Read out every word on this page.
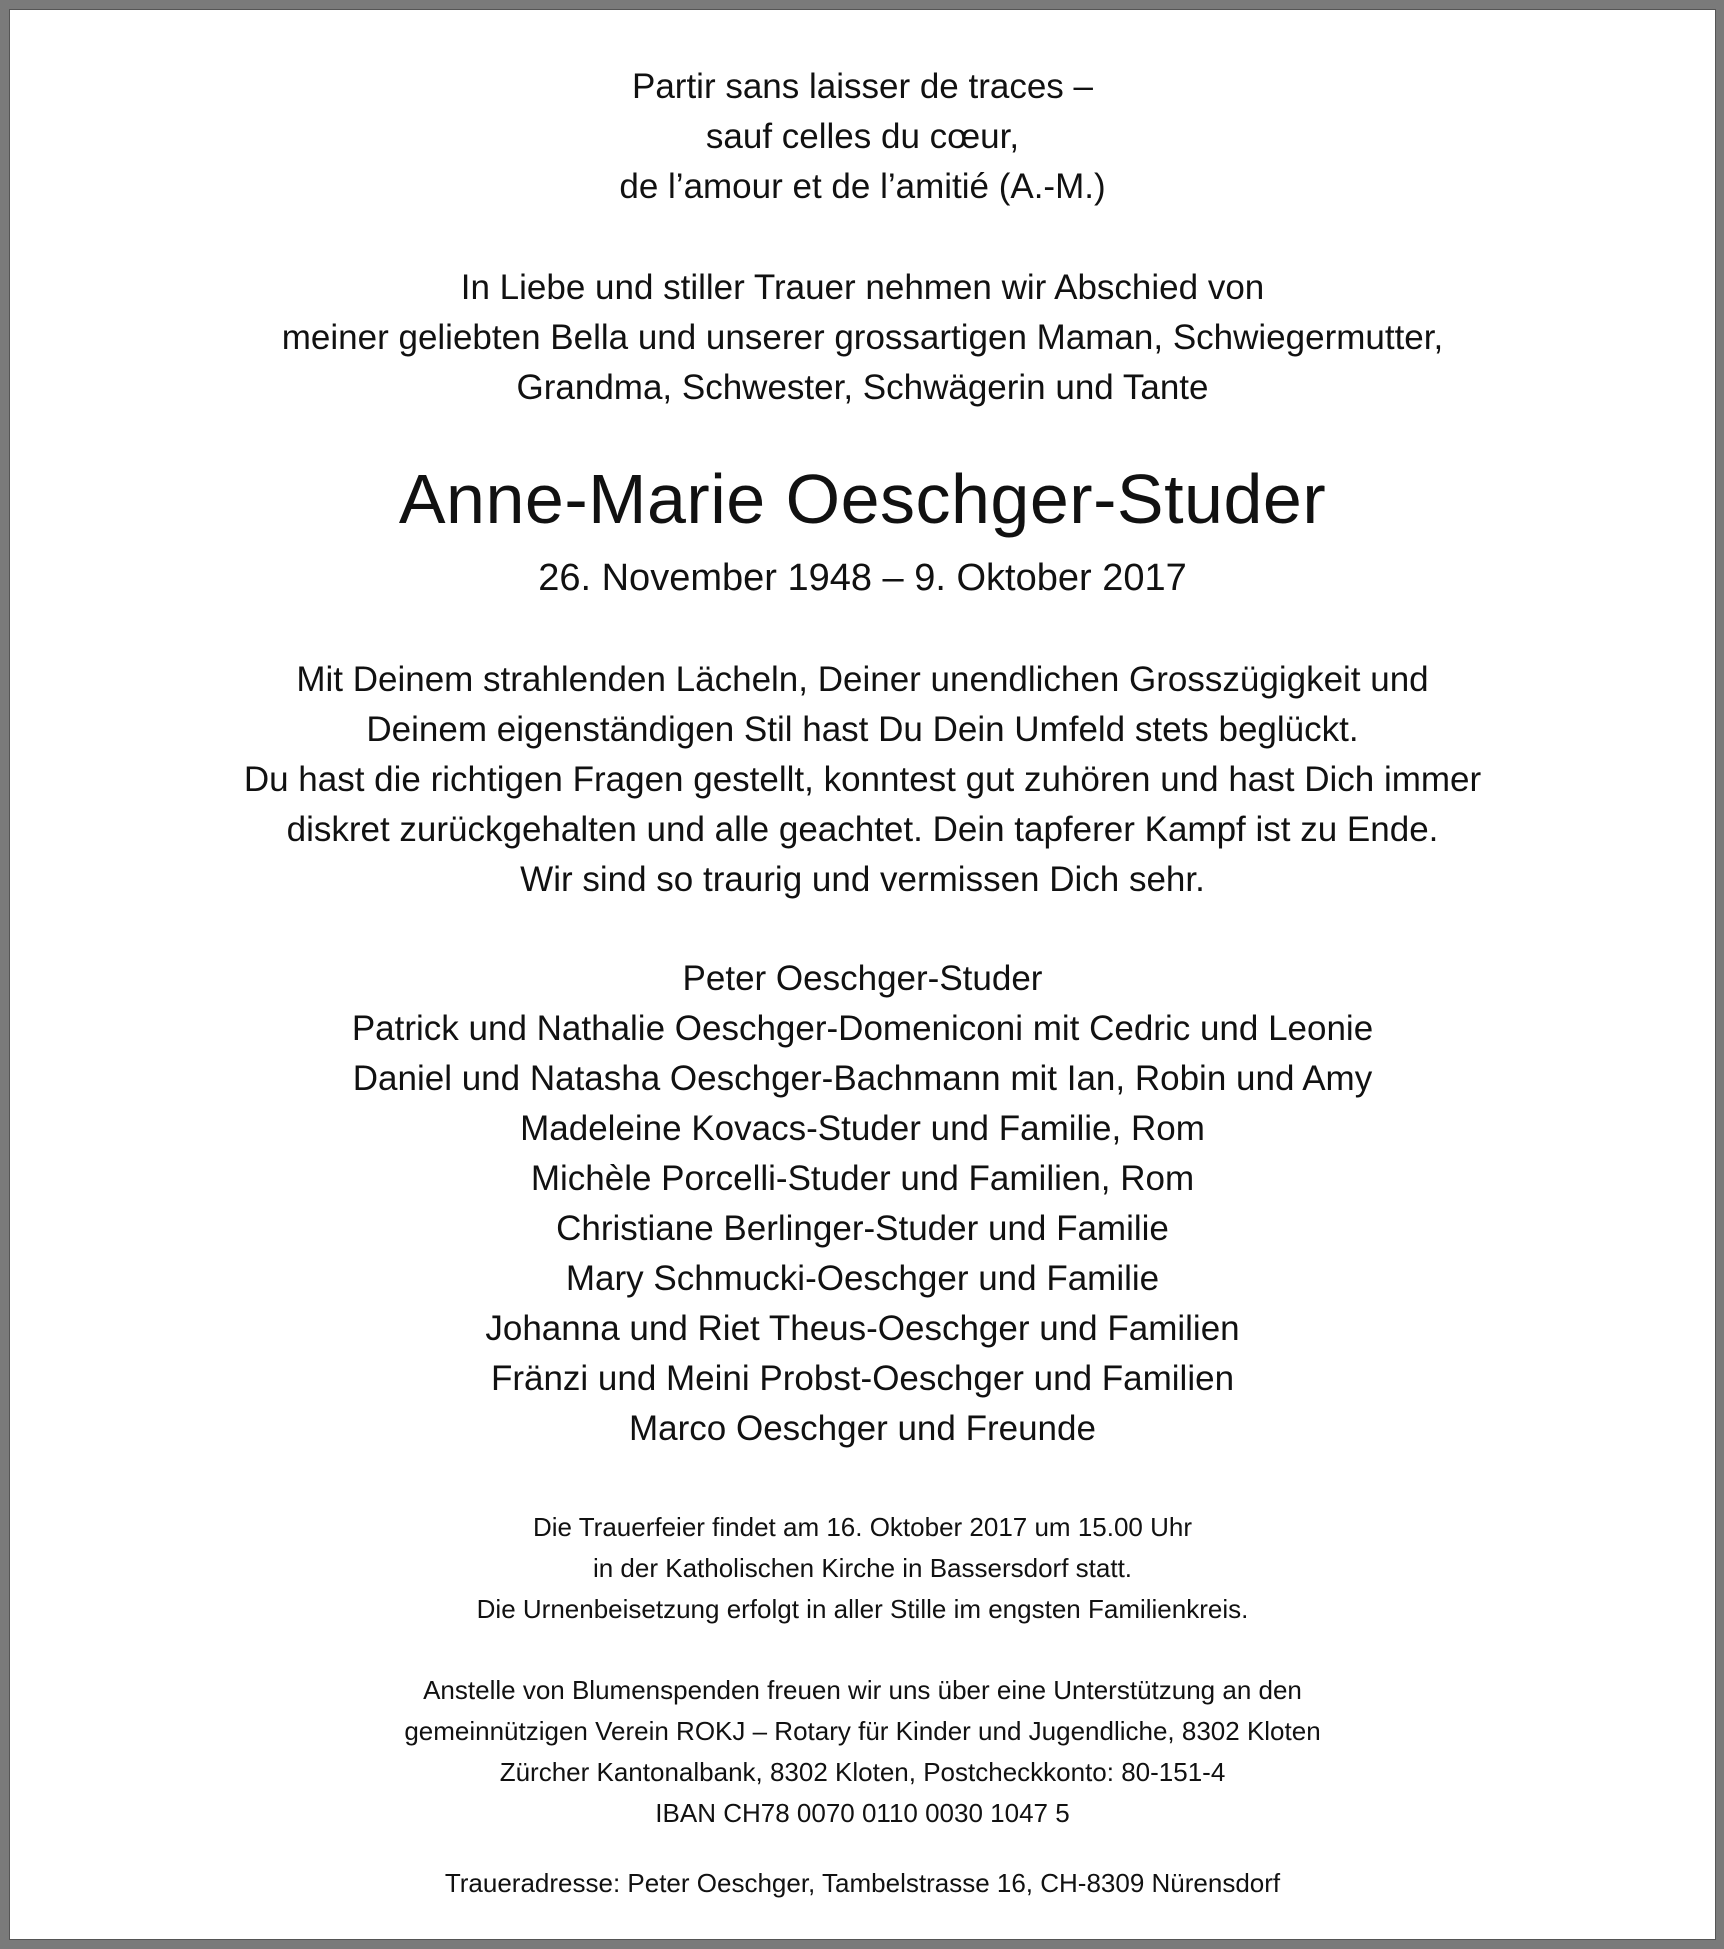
Partir sans laisser de traces –
sauf celles du cœur,
de l’amour et de l’amitié (A.-M.)
In Liebe und stiller Trauer nehmen wir Abschied von
meiner geliebten Bella und unserer grossartigen Maman, Schwiegermutter,
Grandma, Schwester, Schwägerin und Tante
Anne-Marie Oeschger-Studer
26. November 1948 – 9. Oktober 2017
Mit Deinem strahlenden Lächeln, Deiner unendlichen Grosszügigkeit und
Deinem eigenständigen Stil hast Du Dein Umfeld stets beglückt.
Du hast die richtigen Fragen gestellt, konntest gut zuhören und hast Dich immer
diskret zurückgehalten und alle geachtet. Dein tapferer Kampf ist zu Ende.
Wir sind so traurig und vermissen Dich sehr.
Peter Oeschger-Studer
Patrick und Nathalie Oeschger-Domeniconi mit Cedric und Leonie
Daniel und Natasha Oeschger-Bachmann mit Ian, Robin und Amy
Madeleine Kovacs-Studer und Familie, Rom
Michèle Porcelli-Studer und Familien, Rom
Christiane Berlinger-Studer und Familie
Mary Schmucki-Oeschger und Familie
Johanna und Riet Theus-Oeschger und Familien
Fränzi und Meini Probst-Oeschger und Familien
Marco Oeschger und Freunde
Die Trauerfeier findet am 16. Oktober 2017 um 15.00 Uhr
in der Katholischen Kirche in Bassersdorf statt.
Die Urnenbeisetzung erfolgt in aller Stille im engsten Familienkreis.
Anstelle von Blumenspenden freuen wir uns über eine Unterstützung an den
gemeinnützigen Verein ROKJ – Rotary für Kinder und Jugendliche, 8302 Kloten
Zürcher Kantonalbank, 8302 Kloten, Postcheckkonto: 80-151-4
IBAN CH78 0070 0110 0030 1047 5
Traueradresse: Peter Oeschger, Tambelstrasse 16, CH-8309 Nürensdorf
